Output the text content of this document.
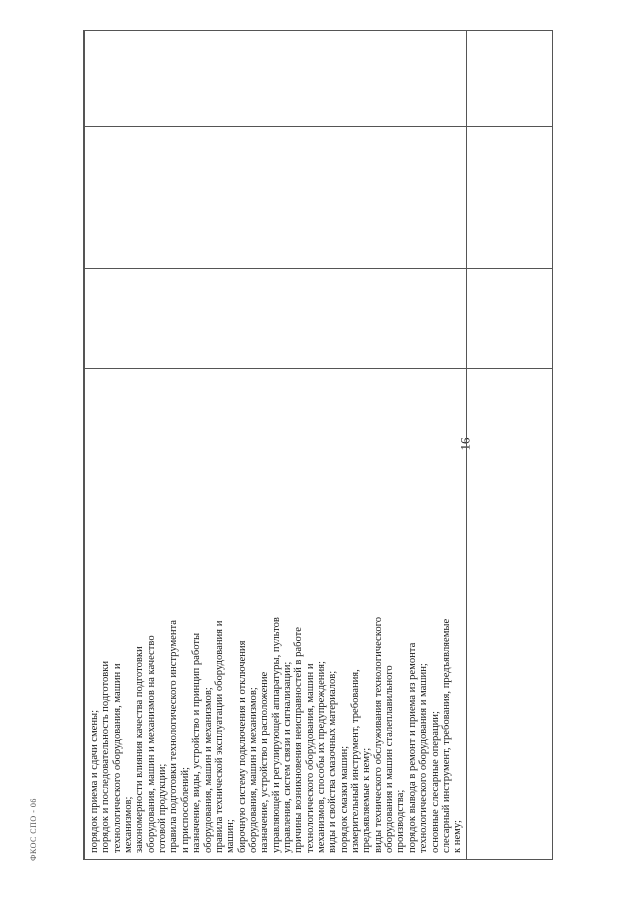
16
порядок приема и сдачи смены; порядок и последовательность подготовки технологического оборудования, машин и механизмов; закономерности влияния качества подготовки оборудования, машин и механизмов на качество готовой продукции; правила подготовки технологического инструмента и приспособлений; назначение, виды, устройство и принцип работы оборудования, машин и механизмов; правила технической эксплуатации оборудования и машин; бирочную систему подключения и отключения оборудования, машин и механизмов; назначение, устройство и расположение управляющей и регулирующей аппаратуры, пультов управления, систем связи и сигнализации; причины возникновения неисправностей в работе технологического оборудования, машин и механизмов, способы их предупреждения; виды и свойства смазочных материалов; порядок смазки машин; измерительный инструмент, требования, предъявляемые к нему; виды технического обслуживания технологического оборудования и машин сталеплавильного производства; порядок вывода в ремонт и приема из ремонта технологического оборудования и машин; основные слесарные операции; слесарный инструмент, требования, предъявляемые к нему;
ФКОС СПО - 06
